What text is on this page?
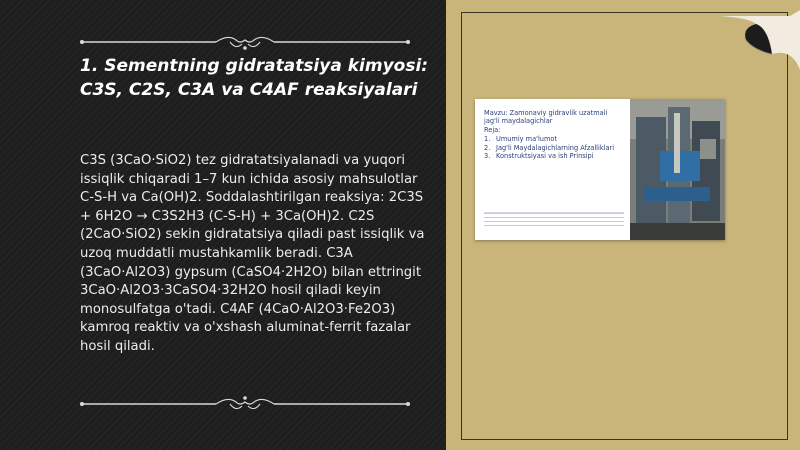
1. Sementning gidratatsiya kimyosi:
C3S, C2S, C3A va C4AF reaksiyalari
C3S (3CaO·SiO2) tez gidratatsiyalanadi va yuqori issiqlik chiqaradi 1–7 kun ichida asosiy mahsulotlar C-S-H va Ca(OH)2. Soddalashtirilgan reaksiya: 2C3S + 6H2O → C3S2H3 (C-S-H) + 3Ca(OH)2. C2S (2CaO·SiO2) sekin gidratatsiya qiladi past issiqlik va uzoq muddatli mustahkamlik beradi. C3A (3CaO·Al2O3) gypsum (CaSO4·2H2O) bilan ettringit 3CaO·Al2O3·3CaSO4·32H2O hosil qiladi keyin monosulfatga o'tadi. C4AF (4CaO·Al2O3·Fe2O3) kamroq reaktiv va o'xshash aluminat-ferrit fazalar hosil qiladi.
Mavzu: Zamonaviy gidravlik uzatmali jag'li maydalagichlar
Reja:
1. Umumiy ma'lumot
2. Jag'li Maydalagichlarning Afzalliklari
3. Konstruktsiyasi va ish Prinsipi
